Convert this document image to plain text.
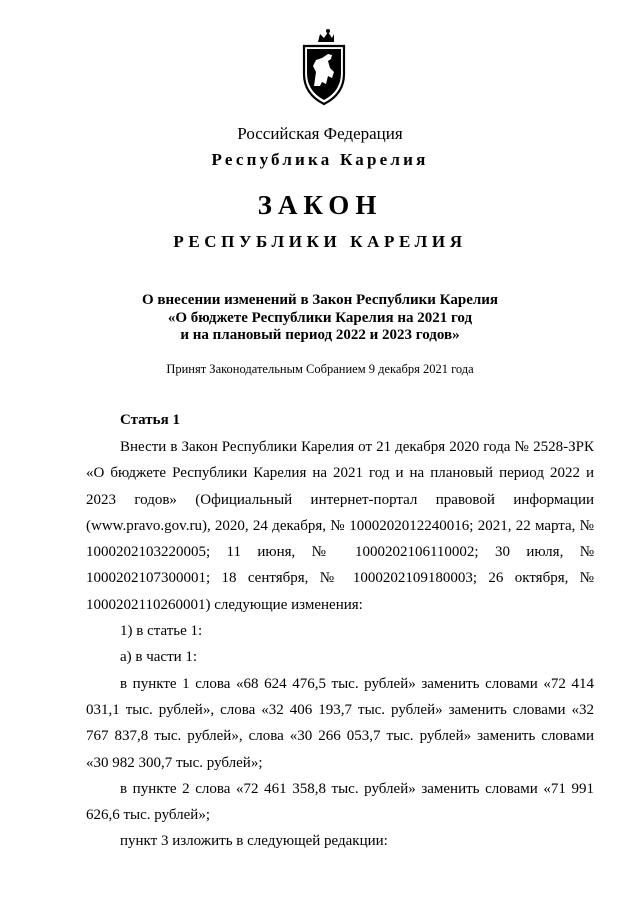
Российская Федерация
Республика Карелия
ЗАКОН
РЕСПУБЛИКИ КАРЕЛИЯ
О внесении изменений в Закон Республики Карелия
«О бюджете Республики Карелия на 2021 год
и на плановый период 2022 и 2023 годов»
Принят Законодательным Собранием 9 декабря 2021 года
Статья 1

Внести в Закон Республики Карелия от 21 декабря 2020 года № 2528-ЗРК «О бюджете Республики Карелия на 2021 год и на плановый период 2022 и 2023 годов» (Официальный интернет-портал правовой информации (www.pravo.gov.ru), 2020, 24 декабря, № 1000202012240016; 2021, 22 марта, № 1000202103220005; 11 июня, № 1000202106110002; 30 июля, № 1000202107300001; 18 сентября, № 1000202109180003; 26 октября, № 1000202110260001) следующие изменения:

1) в статье 1:

а) в части 1:

в пункте 1 слова «68 624 476,5 тыс. рублей» заменить словами «72 414 031,1 тыс. рублей», слова «32 406 193,7 тыс. рублей» заменить словами «32 767 837,8 тыс. рублей», слова «30 266 053,7 тыс. рублей» заменить словами «30 982 300,7 тыс. рублей»;

в пункте 2 слова «72 461 358,8 тыс. рублей» заменить словами «71 991 626,6 тыс. рублей»;

пункт 3 изложить в следующей редакции:
